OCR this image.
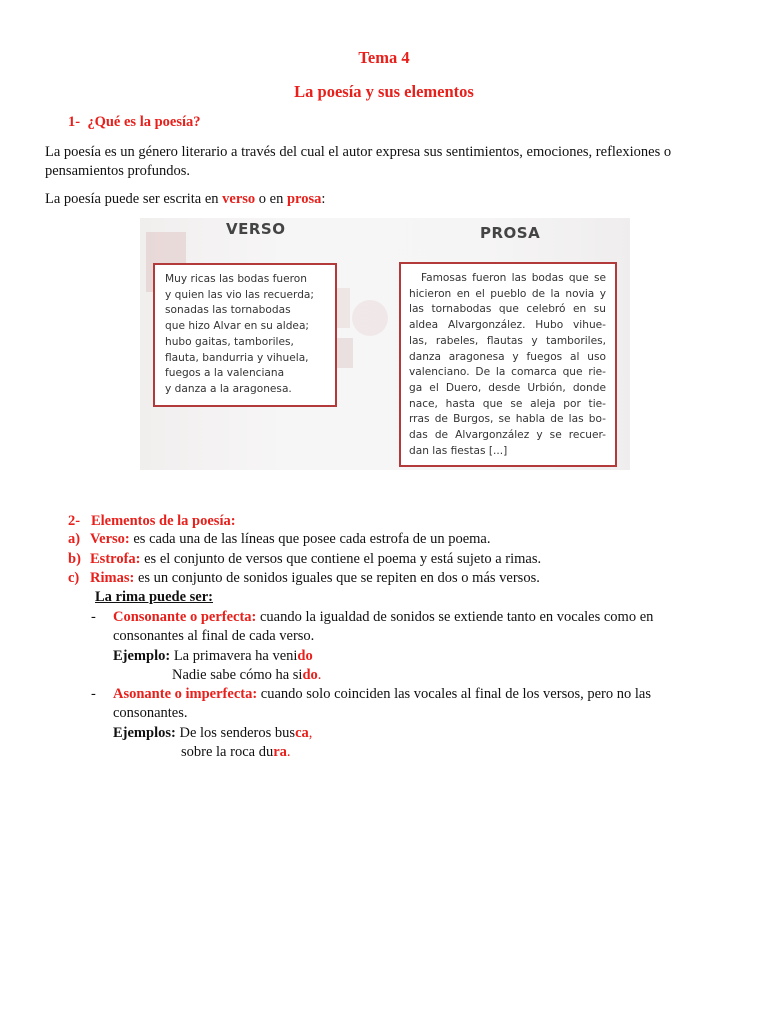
Tema 4
La poesía y sus elementos
1- ¿Qué es la poesía?

La poesía es un género literario a través del cual el autor expresa sus sentimientos, emociones, reflexiones o
pensamientos profundos.

La poesía puede ser escrita en verso o en prosa:
VERSO	PROSA
Muy ricas las bodas fueron
y quien las vio las recuerda;
sonadas las tornabodas
que hizo Alvar en su aldea;
hubo gaitas, tamboriles,
flauta, bandurria y vihuela,
fuegos a la valenciana
y danza a la aragonesa.
Famosas fueron las bodas que se
hicieron en el pueblo de la novia y
las tornabodas que celebró en su
aldea Alvargonzález. Hubo vihue-
las, rabeles, flautas y tamboriles,
danza aragonesa y fuegos al uso
valenciano. De la comarca que rie-
ga el Duero, desde Urbión, donde
nace, hasta que se aleja por tie-
rras de Burgos, se habla de las bo-
das de Alvargonzález y se recuer-
dan las fiestas [...]
2- Elementos de la poesía:
a) Verso: es cada una de las líneas que posee cada estrofa de un poema.
b) Estrofa: es el conjunto de versos que contiene el poema y está sujeto a rimas.
c) Rimas: es un conjunto de sonidos iguales que se repiten en dos o más versos.
La rima puede ser:
- Consonante o perfecta: cuando la igualdad de sonidos se extiende tanto en vocales como en
consonantes al final de cada verso.
Ejemplo: La primavera ha venido
Nadie sabe cómo ha sido.
- Asonante o imperfecta: cuando solo coinciden las vocales al final de los versos, pero no las
consonantes.
Ejemplos: De los senderos busca,
sobre la roca dura.
